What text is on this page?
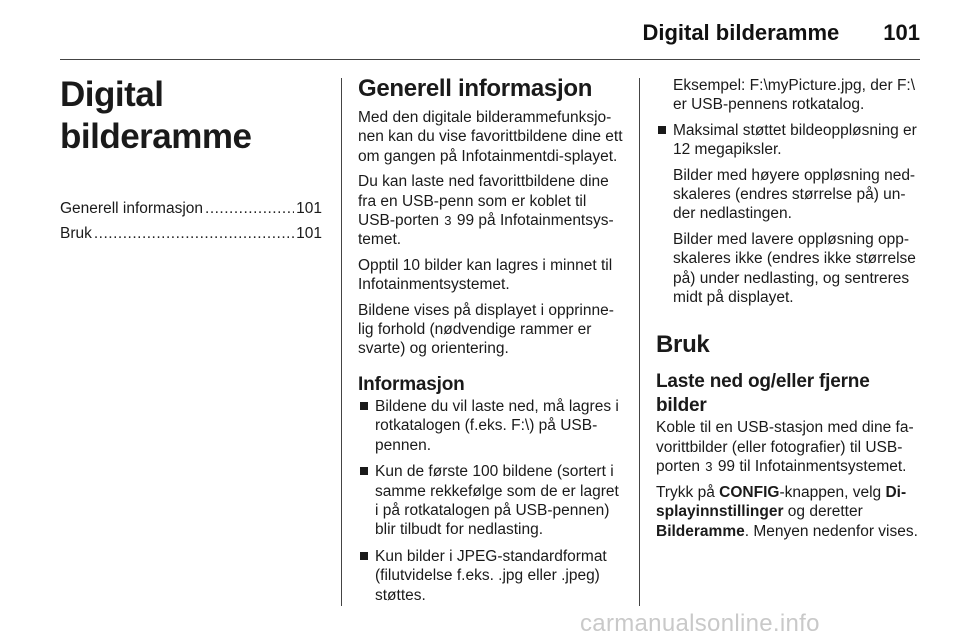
Digital bilderamme 101
Digital bilderamme
Generell informasjon .....	101
Bruk .....	101
Generell informasjon

Med den digitale bilderammefunksjo-nen kan du vise favorittbildene dine ett om gangen på Infotainmentdi-splayet.

Du kan laste ned favorittbildene dine fra en USB-penn som er koblet til USB-porten 3 99 på Infotainmentsys-temet.

Opptil 10 bilder kan lagres i minnet til Infotainmentsystemet.

Bildene vises på displayet i opprinne-lig forhold (nødvendige rammer er svarte) og orientering.

Informasjon
Bildene du vil laste ned, må lagres i rotkatalogen (f.eks. F:\) på USB-pennen.
Kun de første 100 bildene (sortert i samme rekkefølge som de er lagret i på rotkatalogen på USB-pennen) blir tilbudt for nedlasting.
Kun bilder i JPEG-standardformat (filutvidelse f.eks. .jpg eller .jpeg) støttes.

Eksempel: F:\myPicture.jpg, der F:\ er USB-pennens rotkatalog.

Maksimal støttet bildeoppløsning er 12 megapiksler.
Bilder med høyere oppløsning ned-skaleres (endres størrelse på) un-der nedlastingen.
Bilder med lavere oppløsning opp-skaleres ikke (endres ikke størrelse på) under nedlasting, og sentreres midt på displayet.
Bruk
Laste ned og/eller fjerne bilder

Koble til en USB-stasjon med dine fa-vorittbilder (eller fotografier) til USB-porten 3 99 til Infotainmentsystemet.

Trykk på CONFIG-knappen, velg Di-splayinnstillinger og deretter Bilderamme. Menyen nedenfor vises.

carmanualsonline.info
